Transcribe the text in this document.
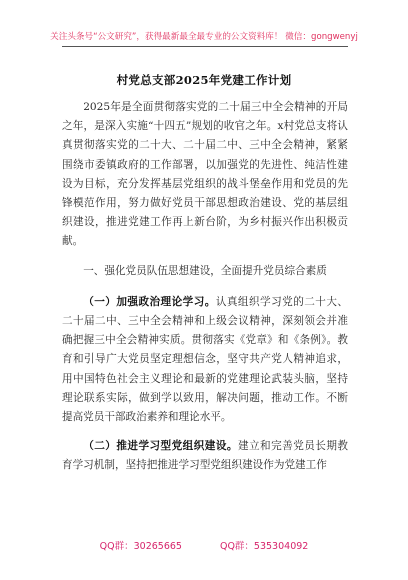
关注头条号“公文研究”，获得最新最全最专业的公文资料库！ 微信：gongwenyj
村党总支部2025年党建工作计划

2025年是全面贯彻落实党的二十届三中全会精神的开局之年，是深入实施“十四五”规划的收官之年。x村党总支将认真贯彻落实党的二十大、二十届二中、三中全会精神，紧紧围绕市委镇政府的工作部署，以加强党的先进性、纯洁性建设为目标，充分发挥基层党组织的战斗堡垒作用和党员的先锋模范作用，努力做好党员干部思想政治建设、党的基层组织建设，推进党建工作再上新台阶，为乡村振兴作出积极贡献。

一、强化党员队伍思想建设，全面提升党员综合素质

（一）加强政治理论学习。认真组织学习党的二十大、二十届二中、三中全会精神和上级会议精神，深刻领会并准确把握三中全会精神实质。贯彻落实《党章》和《条例》。教育和引导广大党员坚定理想信念，坚守共产党人精神追求，用中国特色社会主义理论和最新的党建理论武装头脑，坚持理论联系实际，做到学以致用，解决问题，推动工作。不断提高党员干部政治素养和理论水平。

（二）推进学习型党组织建设。建立和完善党员长期教育学习机制，坚持把推进学习型党组织建设作为党建工作

QQ群：30265665	QQ群：535304092
